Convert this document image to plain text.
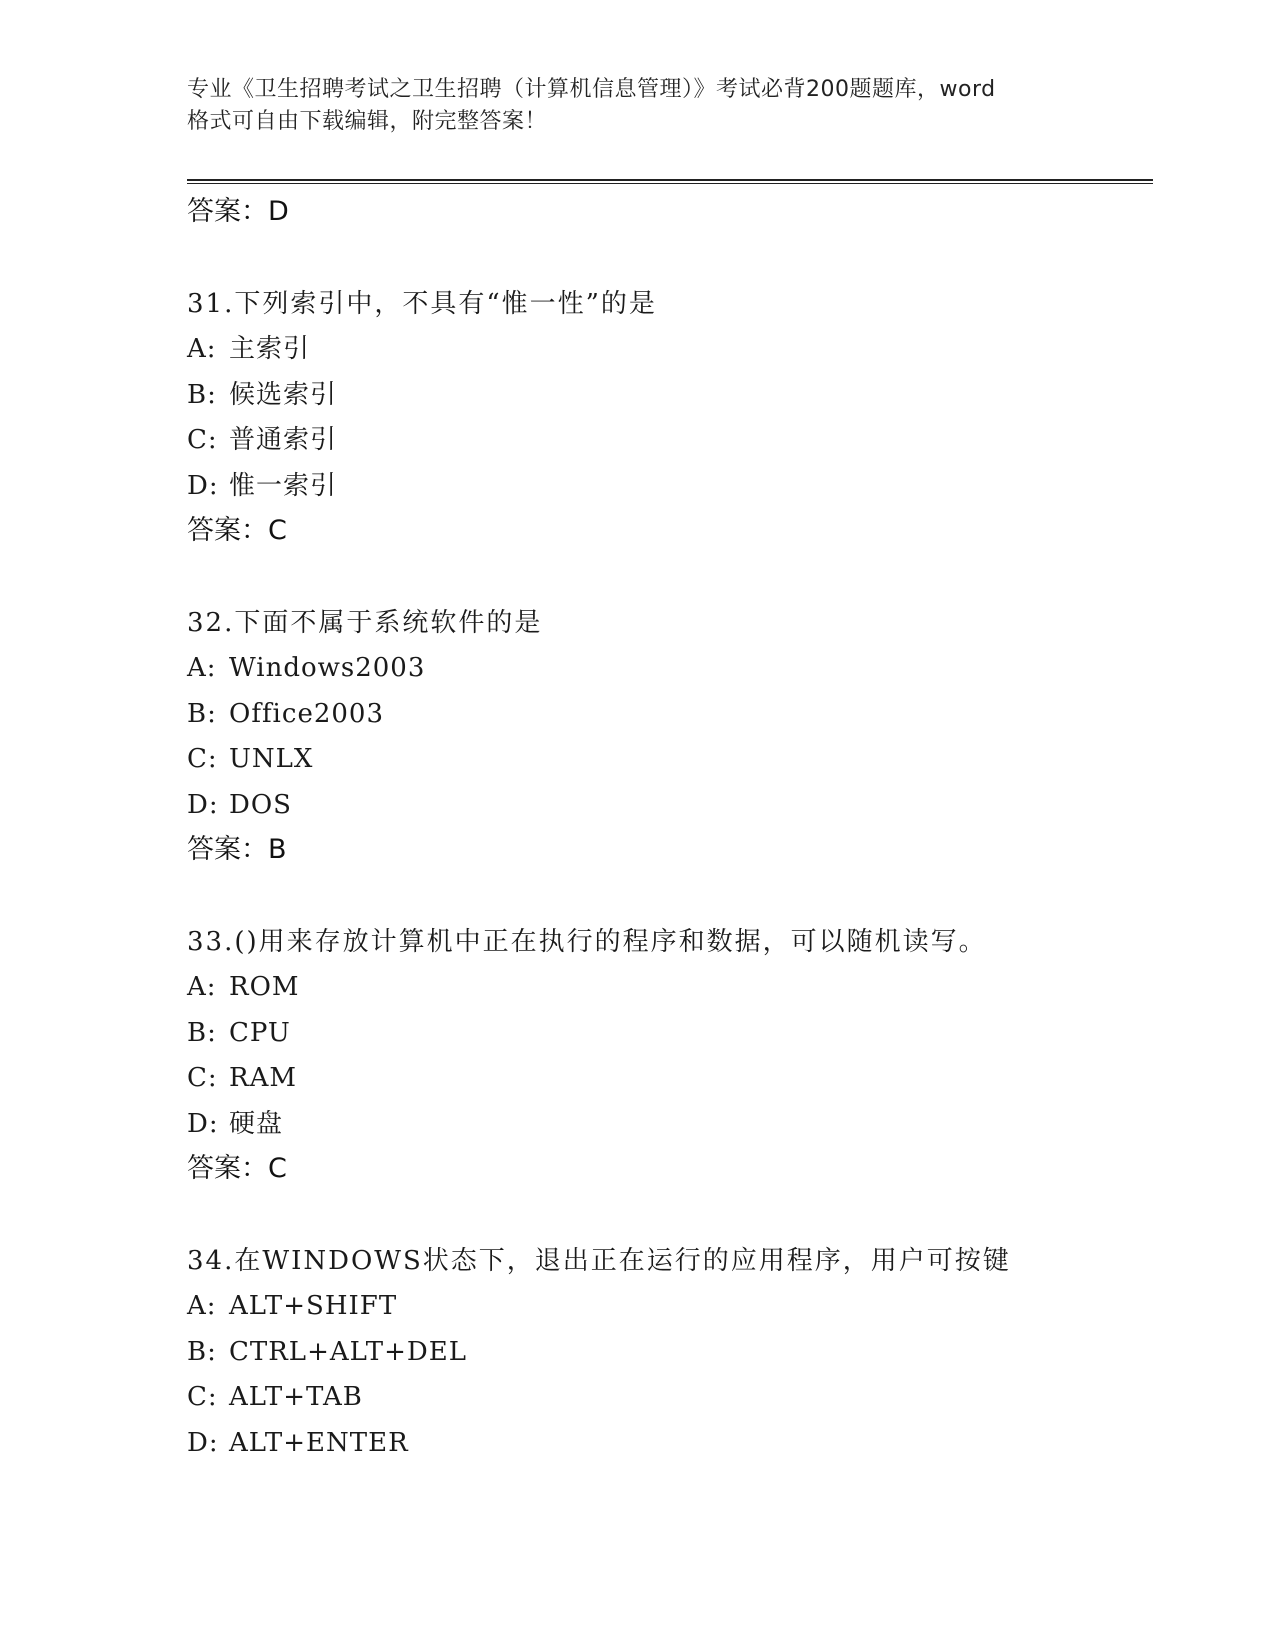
专业《卫生招聘考试之卫生招聘（计算机信息管理）》考试必背200题题库，word
格式可自由下载编辑，附完整答案！
答案：D
31.下列索引中，不具有“惟一性”的是
A: 主索引
B: 候选索引
C: 普通索引
D: 惟一索引
答案：C
32.下面不属于系统软件的是
A: Windows2003
B: Office2003
C: UNLX
D: DOS
答案：B
33.()用来存放计算机中正在执行的程序和数据，可以随机读写。
A: ROM
B: CPU
C: RAM
D: 硬盘
答案：C
34.在WINDOWS状态下，退出正在运行的应用程序，用户可按键
A: ALT+SHIFT
B: CTRL+ALT+DEL
C: ALT+TAB
D: ALT+ENTER
